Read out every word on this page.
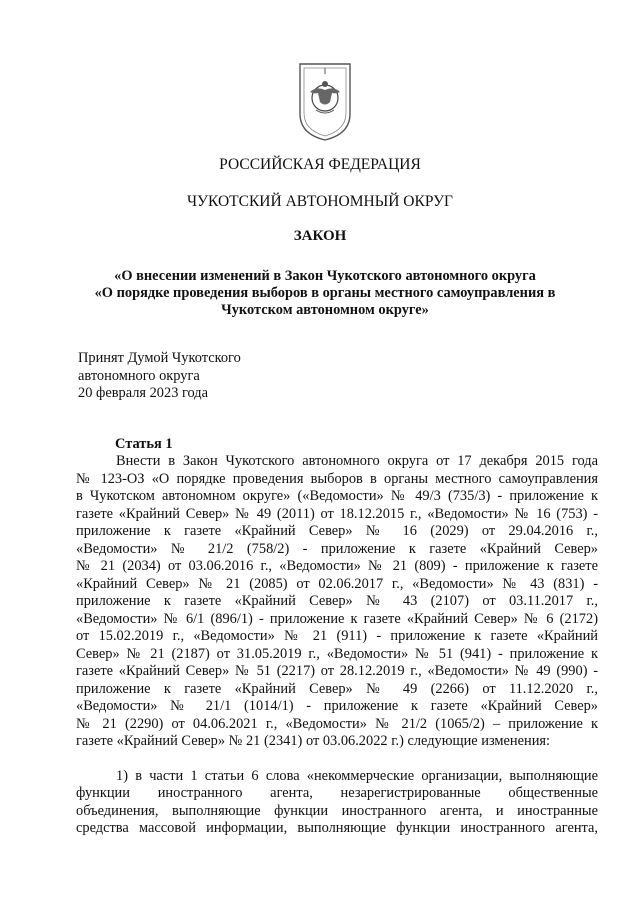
РОССИЙСКАЯ ФЕДЕРАЦИЯ
ЧУКОТСКИЙ АВТОНОМНЫЙ ОКРУГ
ЗАКОН
«О внесении изменений в Закон Чукотского автономного округа
«О порядке проведения выборов в органы местного самоуправления в
Чукотском автономном округе»
Принят Думой Чукотского
автономного округа
20 февраля 2023 года
Статья 1
Внести в Закон Чукотского автономного округа от 17 декабря 2015 года
№ 123-ОЗ «О порядке проведения выборов в органы местного самоуправления
в Чукотском автономном округе» («Ведомости» № 49/3 (735/3) - приложение к
газете «Крайний Север» № 49 (2011) от 18.12.2015 г., «Ведомости» № 16 (753) -
приложение к газете «Крайний Север» № 16 (2029) от 29.04.2016 г.,
«Ведомости» № 21/2 (758/2) - приложение к газете «Крайний Север»
№ 21 (2034) от 03.06.2016 г., «Ведомости» № 21 (809) - приложение к газете
«Крайний Север» № 21 (2085) от 02.06.2017 г., «Ведомости» № 43 (831) -
приложение к газете «Крайний Север» № 43 (2107) от 03.11.2017 г.,
«Ведомости» № 6/1 (896/1) - приложение к газете «Крайний Север» № 6 (2172)
от 15.02.2019 г., «Ведомости» № 21 (911) - приложение к газете «Крайний
Север» № 21 (2187) от 31.05.2019 г., «Ведомости» № 51 (941) - приложение к
газете «Крайний Север» № 51 (2217) от 28.12.2019 г., «Ведомости» № 49 (990) -
приложение к газете «Крайний Север» № 49 (2266) от 11.12.2020 г.,
«Ведомости» № 21/1 (1014/1) - приложение к газете «Крайний Север»
№ 21 (2290) от 04.06.2021 г., «Ведомости» № 21/2 (1065/2) – приложение к
газете «Крайний Север» № 21 (2341) от 03.06.2022 г.) следующие изменения:
1) в части 1 статьи 6 слова «некоммерческие организации, выполняющие
функции иностранного агента, незарегистрированные общественные
объединения, выполняющие функции иностранного агента, и иностранные
средства массовой информации, выполняющие функции иностранного агента,
